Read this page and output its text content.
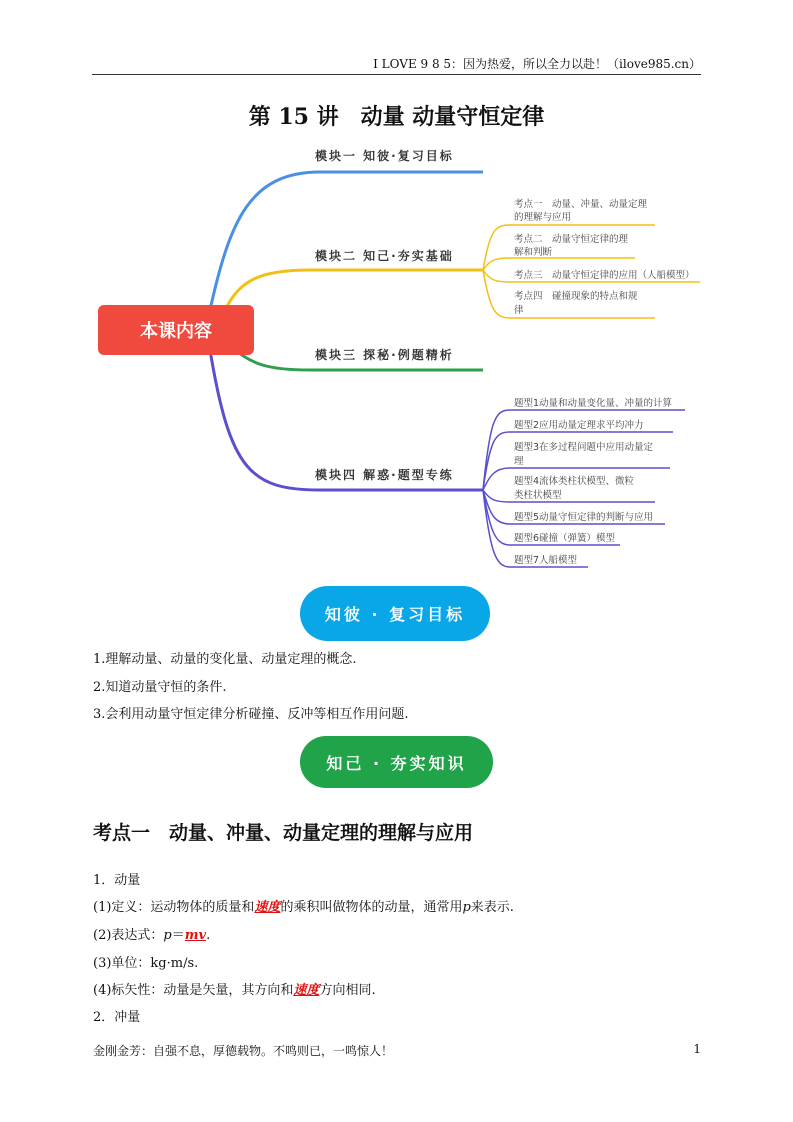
I LOVE 9 8 5：因为热爱，所以全力以赴！（ilove985.cn）
第 15 讲　动量 动量守恒定律
本课内容
模块一 知彼·复习目标
模块二 知己·夯实基础
模块三 探秘·例题精析
模块四 解惑·题型专练
考点一　动量、冲量、动量定理 的理解与应用
考点二　动量守恒定律的理 解和判断
考点三　动量守恒定律的应用（人船模型）
考点四　碰撞现象的特点和规 律
题型1动量和动量变化量、冲量的计算
题型2应用动量定理求平均冲力
题型3在多过程问题中应用动量定 理
题型4流体类柱状模型、微粒 类柱状模型
题型5动量守恒定律的判断与应用
题型6碰撞（弹簧）模型
题型7人船模型
知彼 · 复习目标
1.理解动量、动量的变化量、动量定理的概念.
2.知道动量守恒的条件.
3.会利用动量守恒定律分析碰撞、反冲等相互作用问题.
知己 · 夯实知识
考点一　动量、冲量、动量定理的理解与应用
1．动量
(1)定义：运动物体的质量和速度的乘积叫做物体的动量，通常用p来表示.
(2)表达式：p＝mv.
(3)单位：kg·m/s.
(4)标矢性：动量是矢量，其方向和速度方向相同.
2．冲量
金刚金芳：自强不息，厚德载物。不鸣则已，一鸣惊人！	1
